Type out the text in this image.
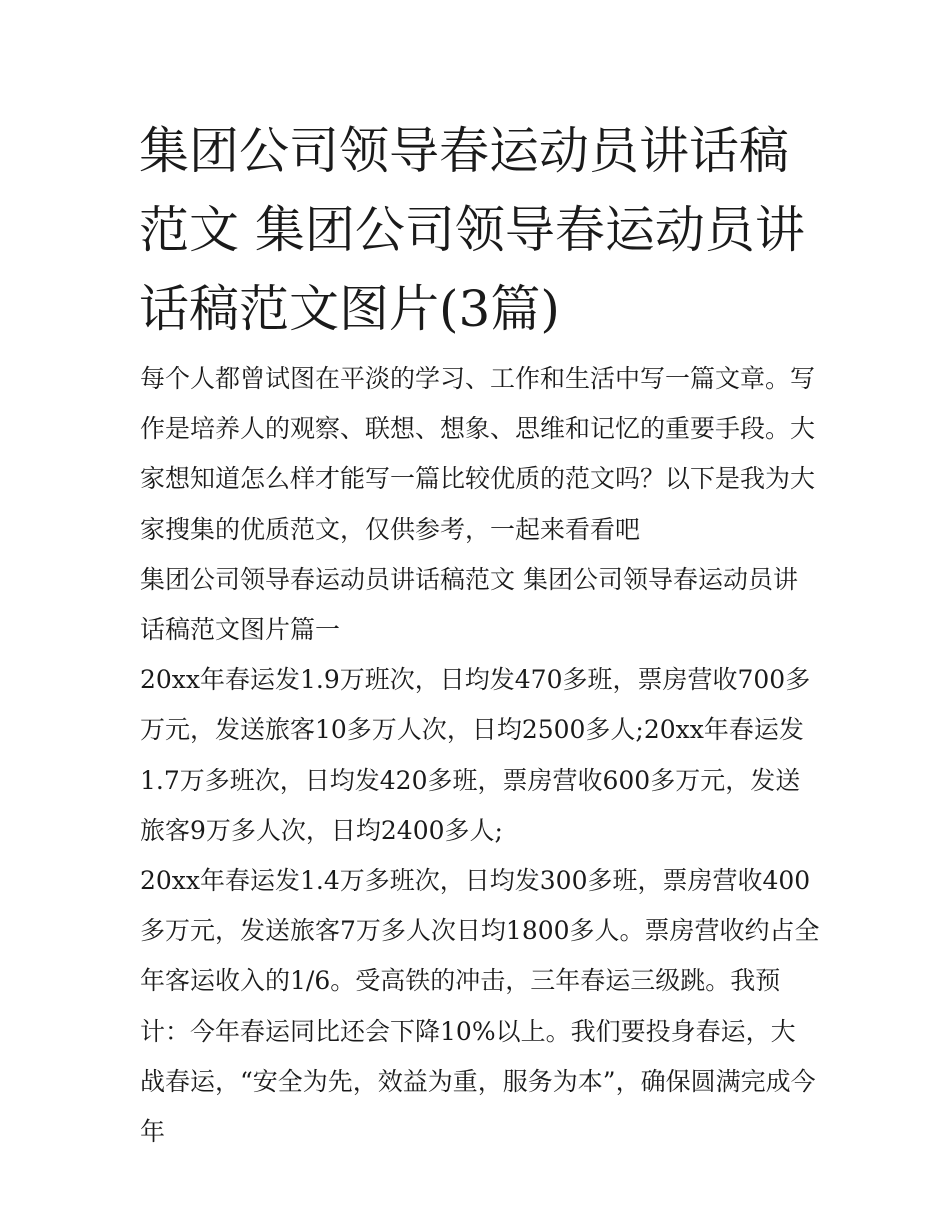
集团公司领导春运动员讲话稿范文 集团公司领导春运动员讲话稿范文图片(3篇)

每个人都曾试图在平淡的学习、工作和生活中写一篇文章。写作是培养人的观察、联想、想象、思维和记忆的重要手段。大家想知道怎么样才能写一篇比较优质的范文吗？以下是我为大家搜集的优质范文，仅供参考，一起来看看吧

集团公司领导春运动员讲话稿范文 集团公司领导春运动员讲话稿范文图片篇一

20xx年春运发1.9万班次，日均发470多班，票房营收700多万元，发送旅客10多万人次，日均2500多人;20xx年春运发1.7万多班次，日均发420多班，票房营收600多万元，发送旅客9万多人次，日均2400多人;

20xx年春运发1.4万多班次，日均发300多班，票房营收400多万元，发送旅客7万多人次日均1800多人。票房营收约占全年客运收入的1/6。受高铁的冲击，三年春运三级跳。我预计：今年春运同比还会下降10%以上。我们要投身春运，大战春运，“安全为先，效益为重，服务为本”，确保圆满完成今年
